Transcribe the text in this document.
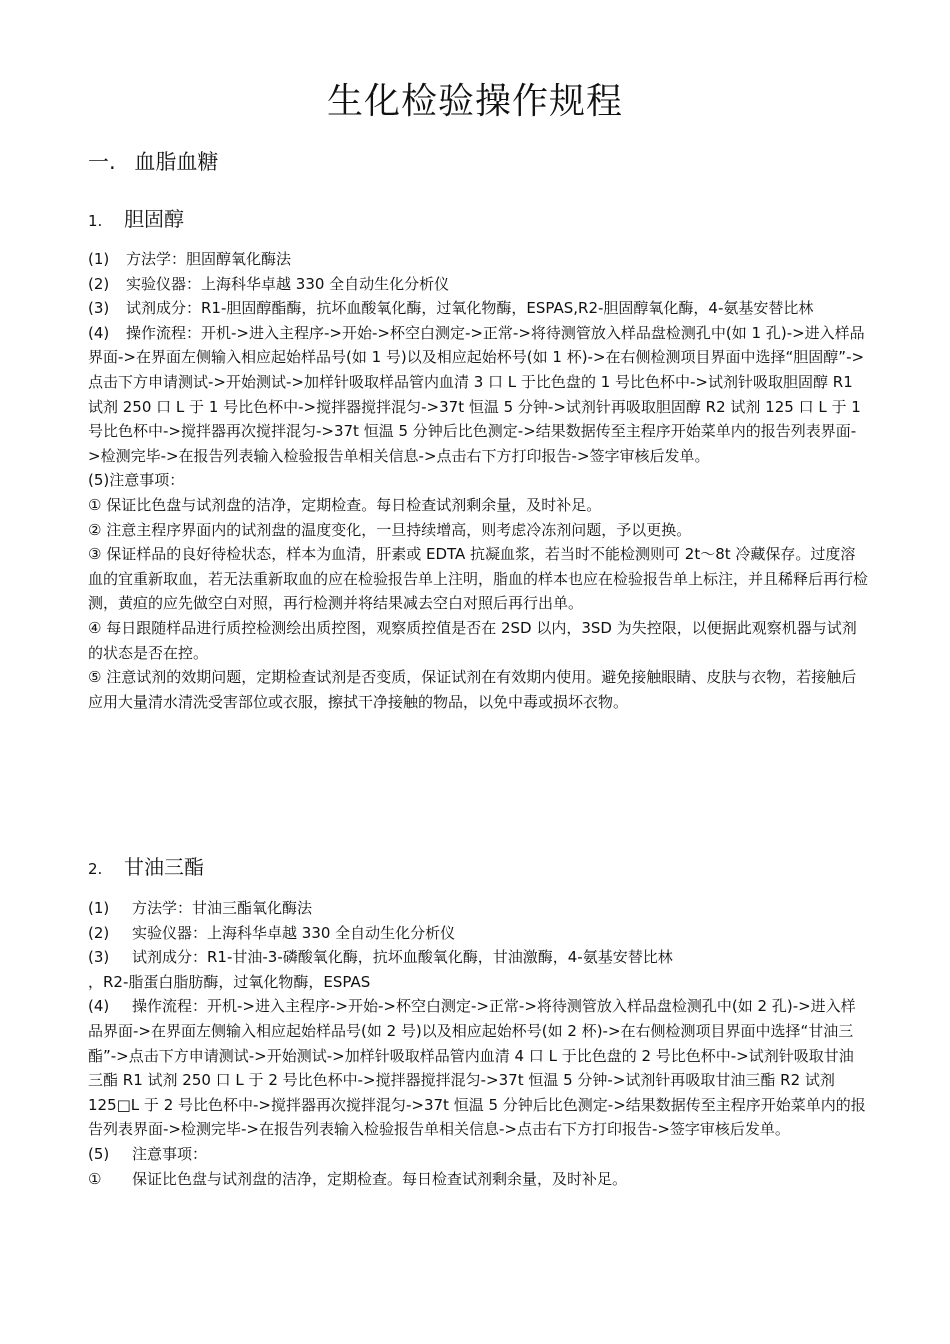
生化检验操作规程
一. 血脂血糖
1. 胆固醇

(1) 方法学：胆固醇氧化酶法

(2) 实验仪器：上海科华卓越 330 全自动生化分析仪

(3) 试剂成分：R1-胆固醇酯酶，抗坏血酸氧化酶，过氧化物酶，ESPAS,R2-胆固醇氧化酶，4-氨基安替比林

(4) 操作流程：开机->进入主程序->开始->杯空白测定->正常->将待测管放入样品盘检测孔中(如 1 孔)->进入样品界面->在界面左侧输入相应起始样品号(如 1 号)以及相应起始杯号(如 1 杯)->在右侧检测项目界面中选择“胆固醇”->点击下方申请测试->开始测试->加样针吸取样品管内血清 3 口 L 于比色盘的 1 号比色杯中->试剂针吸取胆固醇 R1 试剂 250 口 L 于 1 号比色杯中->搅拌器搅拌混匀->37t 恒温 5 分钟->试剂针再吸取胆固醇 R2 试剂 125 口 L 于 1 号比色杯中->搅拌器再次搅拌混匀->37t 恒温 5 分钟后比色测定->结果数据传至主程序开始菜单内的报告列表界面->检测完毕->在报告列表输入检验报告单相关信息->点击右下方打印报告->签字审核后发单。

(5)注意事项：

① 保证比色盘与试剂盘的洁净，定期检查。每日检查试剂剩余量，及时补足。

② 注意主程序界面内的试剂盘的温度变化，一旦持续增高，则考虑冷冻剂问题，予以更换。

③ 保证样品的良好待检状态，样本为血清，肝素或 EDTA 抗凝血浆，若当时不能检测则可 2t～8t 冷藏保存。过度溶血的宜重新取血，若无法重新取血的应在检验报告单上注明，脂血的样本也应在检验报告单上标注，并且稀释后再行检测，黄疸的应先做空白对照，再行检测并将结果减去空白对照后再行出单。

④ 每日跟随样品进行质控检测绘出质控图，观察质控值是否在 2SD 以内，3SD 为失控限，以便据此观察机器与试剂的状态是否在控。

⑤ 注意试剂的效期问题，定期检查试剂是否变质，保证试剂在有效期内使用。避免接触眼睛、皮肤与衣物，若接触后应用大量清水清洗受害部位或衣服，擦拭干净接触的物品，以免中毒或损坏衣物。

2. 甘油三酯

(1) 方法学：甘油三酯氧化酶法

(2) 实验仪器：上海科华卓越 330 全自动生化分析仪

(3) 试剂成分：R1-甘油-3-磷酸氧化酶，抗坏血酸氧化酶，甘油激酶，4-氨基安替比林

，R2-脂蛋白脂肪酶，过氧化物酶，ESPAS

(4) 操作流程：开机->进入主程序->开始->杯空白测定->正常->将待测管放入样品盘检测孔中(如 2 孔)->进入样品界面->在界面左侧输入相应起始样品号(如 2 号)以及相应起始杯号(如 2 杯)->在右侧检测项目界面中选择“甘油三酯”->点击下方申请测试->开始测试->加样针吸取样品管内血清 4 口 L 于比色盘的 2 号比色杯中->试剂针吸取甘油三酯 R1 试剂 250 口 L 于 2 号比色杯中->搅拌器搅拌混匀->37t 恒温 5 分钟->试剂针再吸取甘油三酯 R2 试剂 125□L 于 2 号比色杯中->搅拌器再次搅拌混匀->37t 恒温 5 分钟后比色测定->结果数据传至主程序开始菜单内的报告列表界面->检测完毕->在报告列表输入检验报告单相关信息->点击右下方打印报告->签字审核后发单。

(5) 注意事项：

① 保证比色盘与试剂盘的洁净，定期检查。每日检查试剂剩余量，及时补足。
